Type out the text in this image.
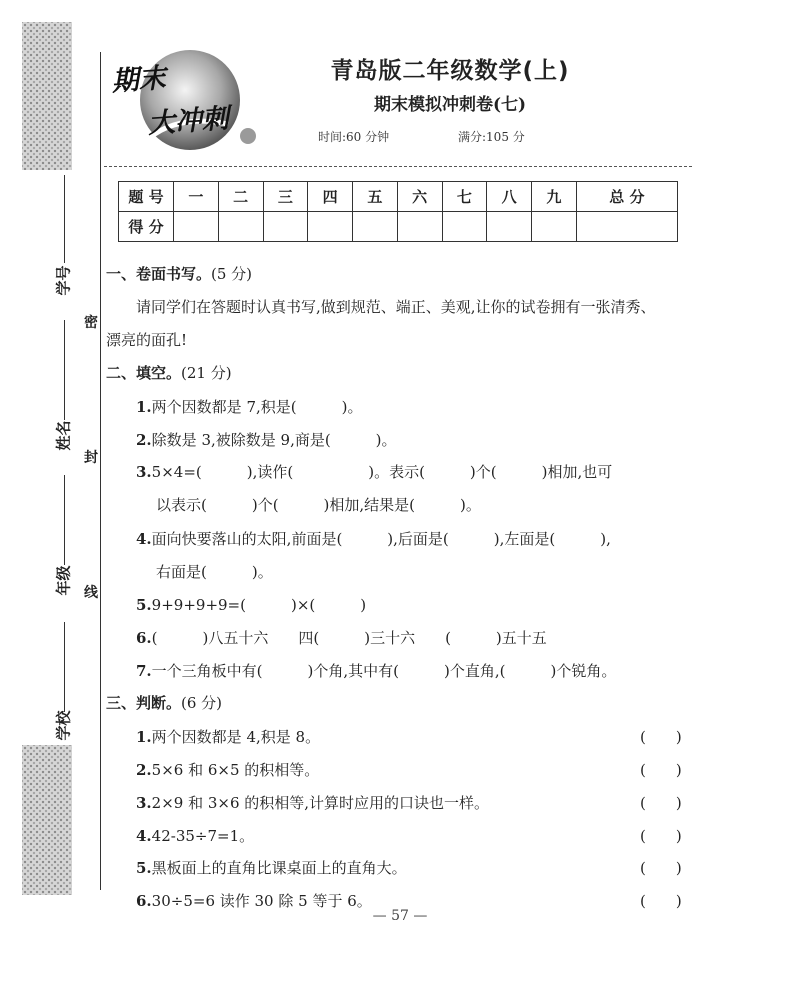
学号
姓名
年级
学校
密
封
线
期末
大冲刺
青岛版二年级数学(上)
期末模拟冲刺卷(七)
时间:60 分钟	满分:105 分
题 号	一	二	三	四	五	六	七	八	九	总 分
得 分										
一、卷面书写。(5 分)
请同学们在答题时认真书写,做到规范、端正、美观,让你的试卷拥有一张清秀、
漂亮的面孔!
二、填空。(21 分)
1.两个因数都是 7,积是(　　　)。
2.除数是 3,被除数是 9,商是(　　　)。
3.5×4=(　　　),读作(　　　　　)。表示(　　　)个(　　　)相加,也可
以表示(　　　)个(　　　)相加,结果是(　　　)。
4.面向快要落山的太阳,前面是(　　　),后面是(　　　),左面是(　　　),
右面是(　　　)。
5.9+9+9+9=(　　　)×(　　　)
6.(　　　)八五十六　　四(　　　)三十六　　(　　　)五十五
7.一个三角板中有(　　　)个角,其中有(　　　)个直角,(　　　)个锐角。
三、判断。(6 分)
1.两个因数都是 4,积是 8。	(　　)
2.5×6 和 6×5 的积相等。	(　　)
3.2×9 和 3×6 的积相等,计算时应用的口诀也一样。	(　　)
4.42-35÷7=1。	(　　)
5.黑板面上的直角比课桌面上的直角大。	(　　)
6.30÷5=6 读作 30 除 5 等于 6。	(　　)
— 57 —
